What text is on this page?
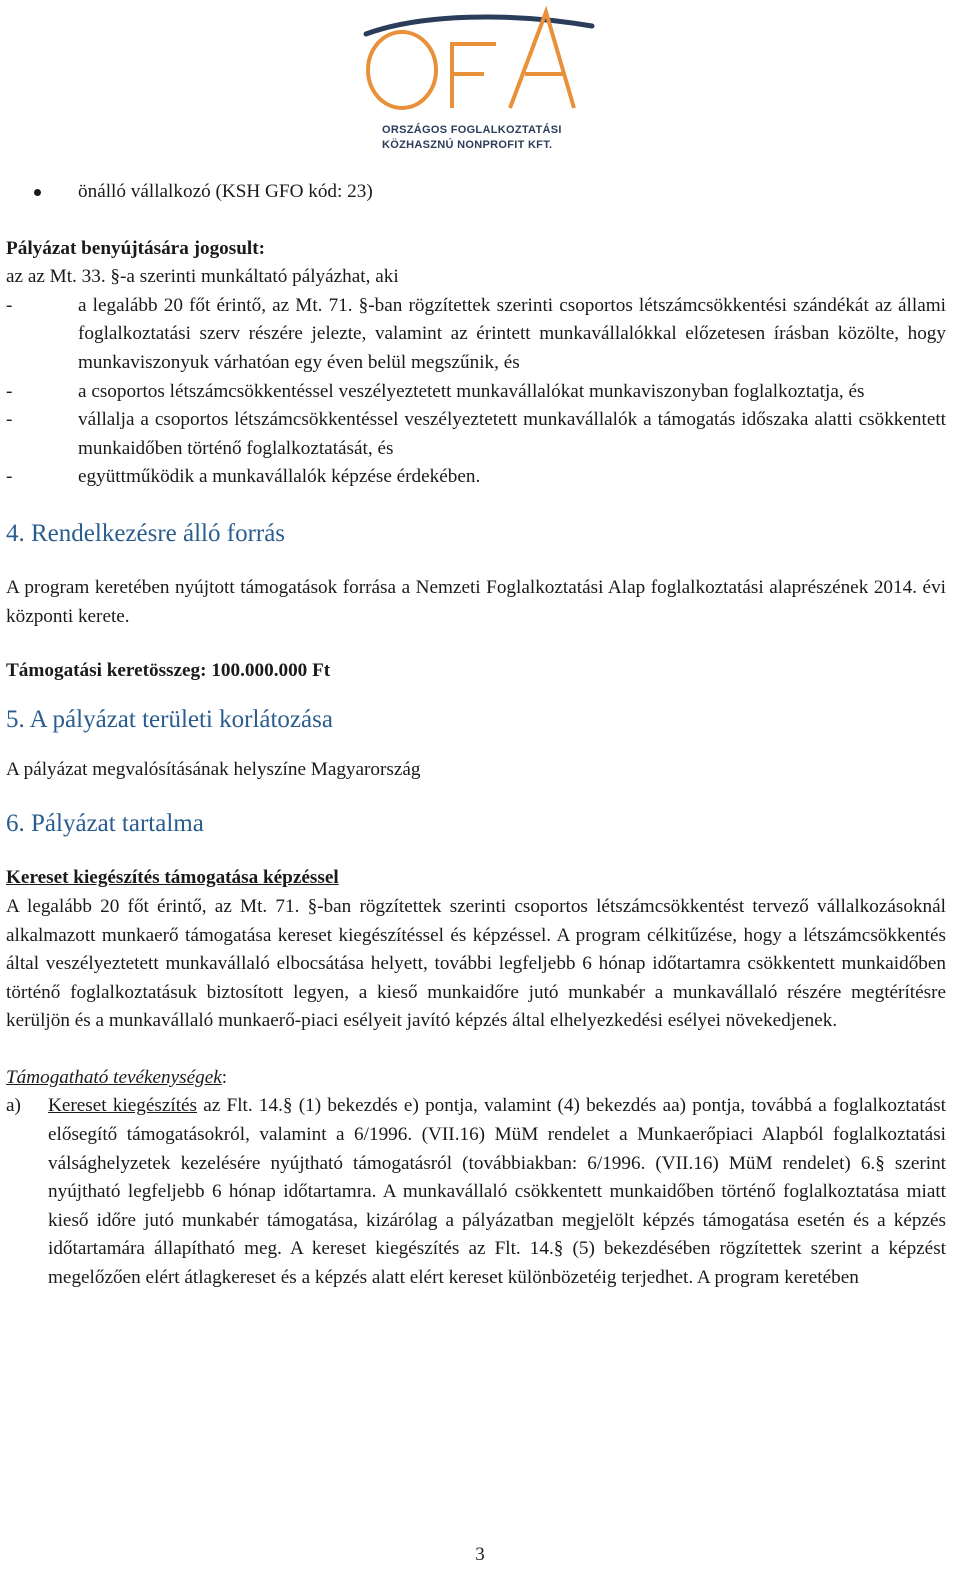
ORSZÁGOS FOGLALKOZTATÁSI
KÖZHASZNÚ NONPROFIT KFT.
önálló vállalkozó (KSH GFO kód: 23)

Pályázat benyújtására jogosult:

az az Mt. 33. §-a szerinti munkáltató pályázhat, aki

-	a legalább 20 főt érintő, az Mt. 71. §-ban rögzítettek szerinti csoportos létszámcsökkentési szándékát az állami foglalkoztatási szerv részére jelezte, valamint az érintett munkavállalókkal előzetesen írásban közölte, hogy munkaviszonyuk várhatóan egy éven belül megszűnik, és
-	a csoportos létszámcsökkentéssel veszélyeztetett munkavállalókat munkaviszonyban foglalkoztatja, és
-	vállalja a csoportos létszámcsökkentéssel veszélyeztetett munkavállalók a támogatás időszaka alatti csökkentett munkaidőben történő foglalkoztatását, és
-	együttműködik a munkavállalók képzése érdekében.

4. Rendelkezésre álló forrás

A program keretében nyújtott támogatások forrása a Nemzeti Foglalkoztatási Alap foglalkoztatási alaprészének 2014. évi központi kerete.

Támogatási keretösszeg: 100.000.000 Ft

5. A pályázat területi korlátozása

A pályázat megvalósításának helyszíne Magyarország

6. Pályázat tartalma

Kereset kiegészítés támogatása képzéssel

A legalább 20 főt érintő, az Mt. 71. §-ban rögzítettek szerinti csoportos létszámcsökkentést tervező vállalkozásoknál alkalmazott munkaerő támogatása kereset kiegészítéssel és képzéssel. A program célkitűzése, hogy a létszámcsökkentés által veszélyeztetett munkavállaló elbocsátása helyett, további legfeljebb 6 hónap időtartamra csökkentett munkaidőben történő foglalkoztatásuk biztosított legyen, a kieső munkaidőre jutó munkabér a munkavállaló részére megtérítésre kerüljön és a munkavállaló munkaerő-piaci esélyeit javító képzés által elhelyezkedési esélyei növekedjenek.

Támogatható tevékenységek:

a)	Kereset kiegészítés az Flt. 14.§ (1) bekezdés e) pontja, valamint (4) bekezdés aa) pontja, továbbá a foglalkoztatást elősegítő támogatásokról, valamint a 6/1996. (VII.16) MüM rendelet a Munkaerőpiaci Alapból foglalkoztatási válsághelyzetek kezelésére nyújtható támogatásról (továbbiakban: 6/1996. (VII.16) MüM rendelet) 6.§ szerint nyújtható legfeljebb 6 hónap időtartamra. A munkavállaló csökkentett munkaidőben történő foglalkoztatása miatt kieső időre jutó munkabér támogatása, kizárólag a pályázatban megjelölt képzés támogatása esetén és a képzés időtartamára állapítható meg. A kereset kiegészítés az Flt. 14.§ (5) bekezdésében rögzítettek szerint a képzést megelőzően elért átlagkereset és a képzés alatt elért kereset különbözetéig terjedhet. A program keretében
3
